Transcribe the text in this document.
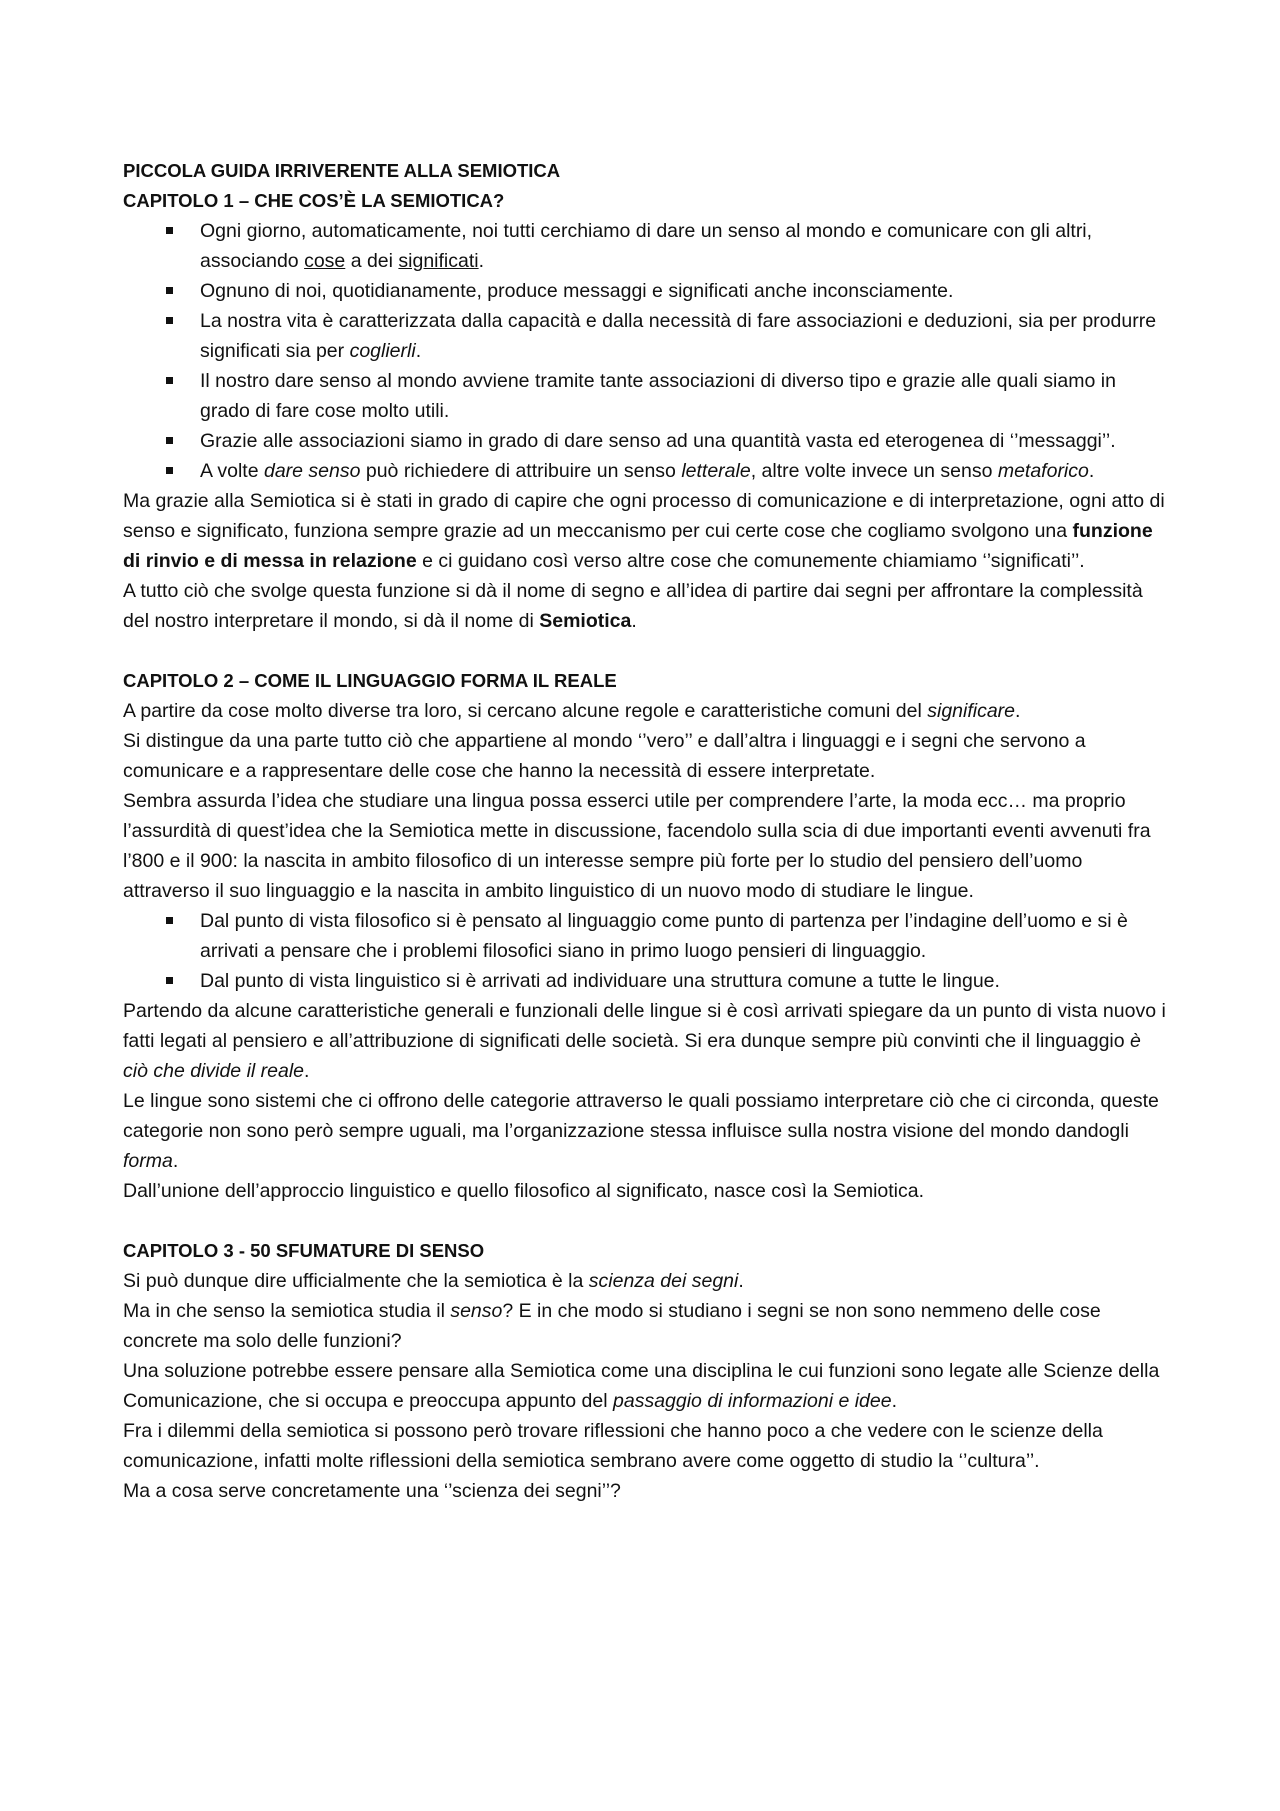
PICCOLA GUIDA IRRIVERENTE ALLA SEMIOTICA
CAPITOLO 1 – CHE COS’È LA SEMIOTICA?
Ogni giorno, automaticamente, noi tutti cerchiamo di dare un senso al mondo e comunicare con gli altri, associando cose a dei significati.
Ognuno di noi, quotidianamente, produce messaggi e significati anche inconsciamente.
La nostra vita è caratterizzata dalla capacità e dalla necessità di fare associazioni e deduzioni, sia per produrre significati sia per coglierli.
Il nostro dare senso al mondo avviene tramite tante associazioni di diverso tipo e grazie alle quali siamo in grado di fare cose molto utili.
Grazie alle associazioni siamo in grado di dare senso ad una quantità vasta ed eterogenea di ‘’messaggi’’.
A volte dare senso può richiedere di attribuire un senso letterale, altre volte invece un senso metaforico.

Ma grazie alla Semiotica si è stati in grado di capire che ogni processo di comunicazione e di interpretazione, ogni atto di senso e significato, funziona sempre grazie ad un meccanismo per cui certe cose che cogliamo svolgono una funzione di rinvio e di messa in relazione e ci guidano così verso altre cose che comunemente chiamiamo ‘’significati’’.

A tutto ciò che svolge questa funzione si dà il nome di segno e all’idea di partire dai segni per affrontare la complessità del nostro interpretare il mondo, si dà il nome di Semiotica.

CAPITOLO 2 – COME IL LINGUAGGIO FORMA IL REALE

A partire da cose molto diverse tra loro, si cercano alcune regole e caratteristiche comuni del significare.

Si distingue da una parte tutto ciò che appartiene al mondo ‘’vero’’ e dall’altra i linguaggi e i segni che servono a comunicare e a rappresentare delle cose che hanno la necessità di essere interpretate.

Sembra assurda l’idea che studiare una lingua possa esserci utile per comprendere l’arte, la moda ecc… ma proprio l’assurdità di quest’idea che la Semiotica mette in discussione, facendolo sulla scia di due importanti eventi avvenuti fra l’800 e il 900: la nascita in ambito filosofico di un interesse sempre più forte per lo studio del pensiero dell’uomo attraverso il suo linguaggio e la nascita in ambito linguistico di un nuovo modo di studiare le lingue.

Dal punto di vista filosofico si è pensato al linguaggio come punto di partenza per l’indagine dell’uomo e si è arrivati a pensare che i problemi filosofici siano in primo luogo pensieri di linguaggio.
Dal punto di vista linguistico si è arrivati ad individuare una struttura comune a tutte le lingue.

Partendo da alcune caratteristiche generali e funzionali delle lingue si è così arrivati spiegare da un punto di vista nuovo i fatti legati al pensiero e all’attribuzione di significati delle società. Si era dunque sempre più convinti che il linguaggio è ciò che divide il reale.

Le lingue sono sistemi che ci offrono delle categorie attraverso le quali possiamo interpretare ciò che ci circonda, queste categorie non sono però sempre uguali, ma l’organizzazione stessa influisce sulla nostra visione del mondo dandogli forma.

Dall’unione dell’approccio linguistico e quello filosofico al significato, nasce così la Semiotica.

CAPITOLO 3 - 50 SFUMATURE DI SENSO

Si può dunque dire ufficialmente che la semiotica è la scienza dei segni.

Ma in che senso la semiotica studia il senso? E in che modo si studiano i segni se non sono nemmeno delle cose concrete ma solo delle funzioni?

Una soluzione potrebbe essere pensare alla Semiotica come una disciplina le cui funzioni sono legate alle Scienze della Comunicazione, che si occupa e preoccupa appunto del passaggio di informazioni e idee.

Fra i dilemmi della semiotica si possono però trovare riflessioni che hanno poco a che vedere con le scienze della comunicazione, infatti molte riflessioni della semiotica sembrano avere come oggetto di studio la ‘’cultura’’.

Ma a cosa serve concretamente una ‘’scienza dei segni’’?
